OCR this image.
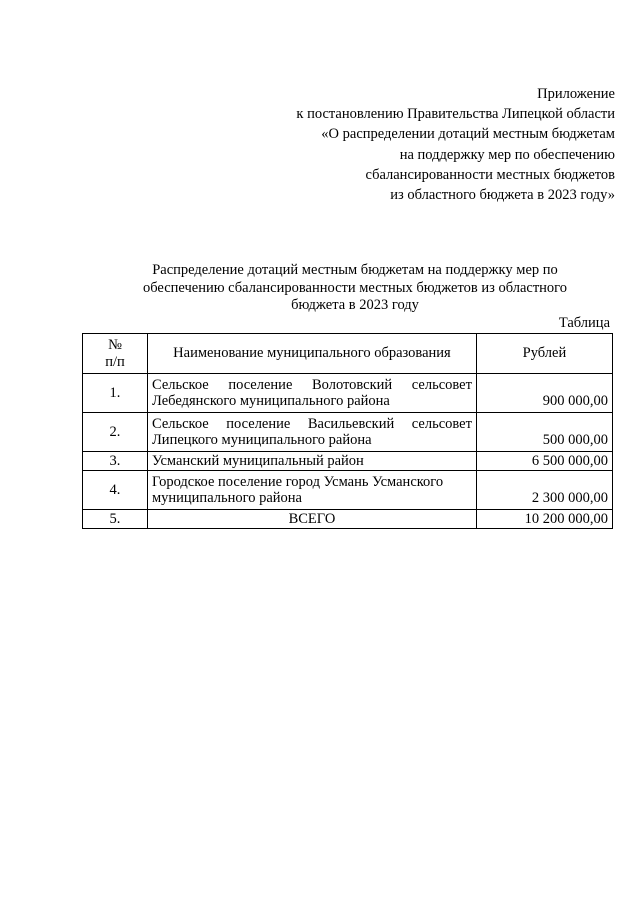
Приложение
к постановлению Правительства Липецкой области
«О распределении дотаций местным бюджетам
на поддержку мер по обеспечению
сбалансированности местных бюджетов
из областного бюджета в 2023 году»
Распределение дотаций местным бюджетам на поддержку мер по
обеспечению сбалансированности местных бюджетов из областного
бюджета в 2023 году
Таблица
№
п/п	Наименование муниципального образования	Рублей
1.	Сельское поселение Волотовский сельсовет Лебедянского муниципального района	900 000,00
2.	Сельское поселение Васильевский сельсовет Липецкого муниципального района	500 000,00
3.	Усманский муниципальный район	6 500 000,00
4.	Городское поселение город Усмань Усманского муниципального района	2 300 000,00
5.	ВСЕГО	10 200 000,00
